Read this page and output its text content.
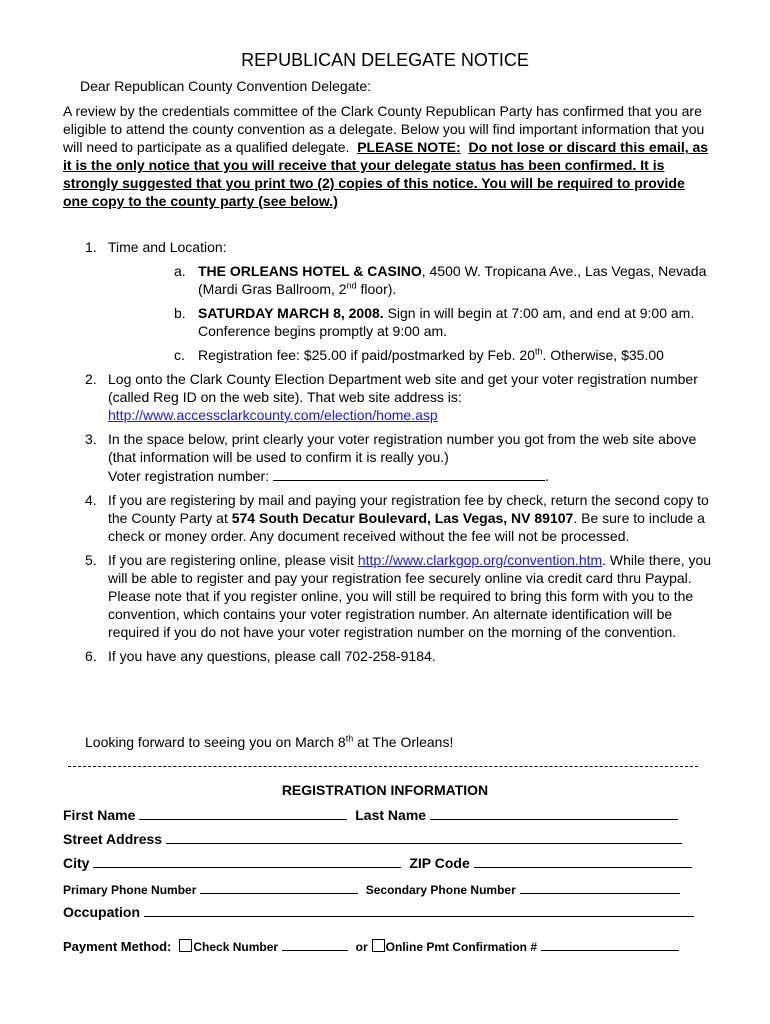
REPUBLICAN DELEGATE NOTICE
Dear Republican County Convention Delegate:
A review by the credentials committee of the Clark County Republican Party has confirmed that you are eligible to attend the county convention as a delegate. Below you will find important information that you will need to participate as a qualified delegate. PLEASE NOTE: Do not lose or discard this email, as it is the only notice that you will receive that your delegate status has been confirmed. It is strongly suggested that you print two (2) copies of this notice. You will be required to provide one copy to the county party (see below.)
1. Time and Location:
a. THE ORLEANS HOTEL & CASINO, 4500 W. Tropicana Ave., Las Vegas, Nevada (Mardi Gras Ballroom, 2nd floor).
b. SATURDAY MARCH 8, 2008. Sign in will begin at 7:00 am, and end at 9:00 am. Conference begins promptly at 9:00 am.
c. Registration fee: $25.00 if paid/postmarked by Feb. 20th. Otherwise, $35.00
2. Log onto the Clark County Election Department web site and get your voter registration number (called Reg ID on the web site). That web site address is:
http://www.accessclarkcounty.com/election/home.asp
3. In the space below, print clearly your voter registration number you got from the web site above (that information will be used to confirm it is really you.)
Voter registration number:	.
4. If you are registering by mail and paying your registration fee by check, return the second copy to the County Party at 574 South Decatur Boulevard, Las Vegas, NV 89107. Be sure to include a check or money order. Any document received without the fee will not be processed.
5. If you are registering online, please visit http://www.clarkgop.org/convention.htm. While there, you will be able to register and pay your registration fee securely online via credit card thru Paypal. Please note that if you register online, you will still be required to bring this form with you to the convention, which contains your voter registration number. An alternate identification will be required if you do not have your voter registration number on the morning of the convention.
6. If you have any questions, please call 702-258-9184.
Looking forward to seeing you on March 8th at The Orleans!
REGISTRATION INFORMATION
First Name	Last Name
Street Address
City	ZIP Code
Primary Phone Number	Secondary Phone Number
Occupation
Payment Method: Check Number	or Online Pmt Confirmation #
